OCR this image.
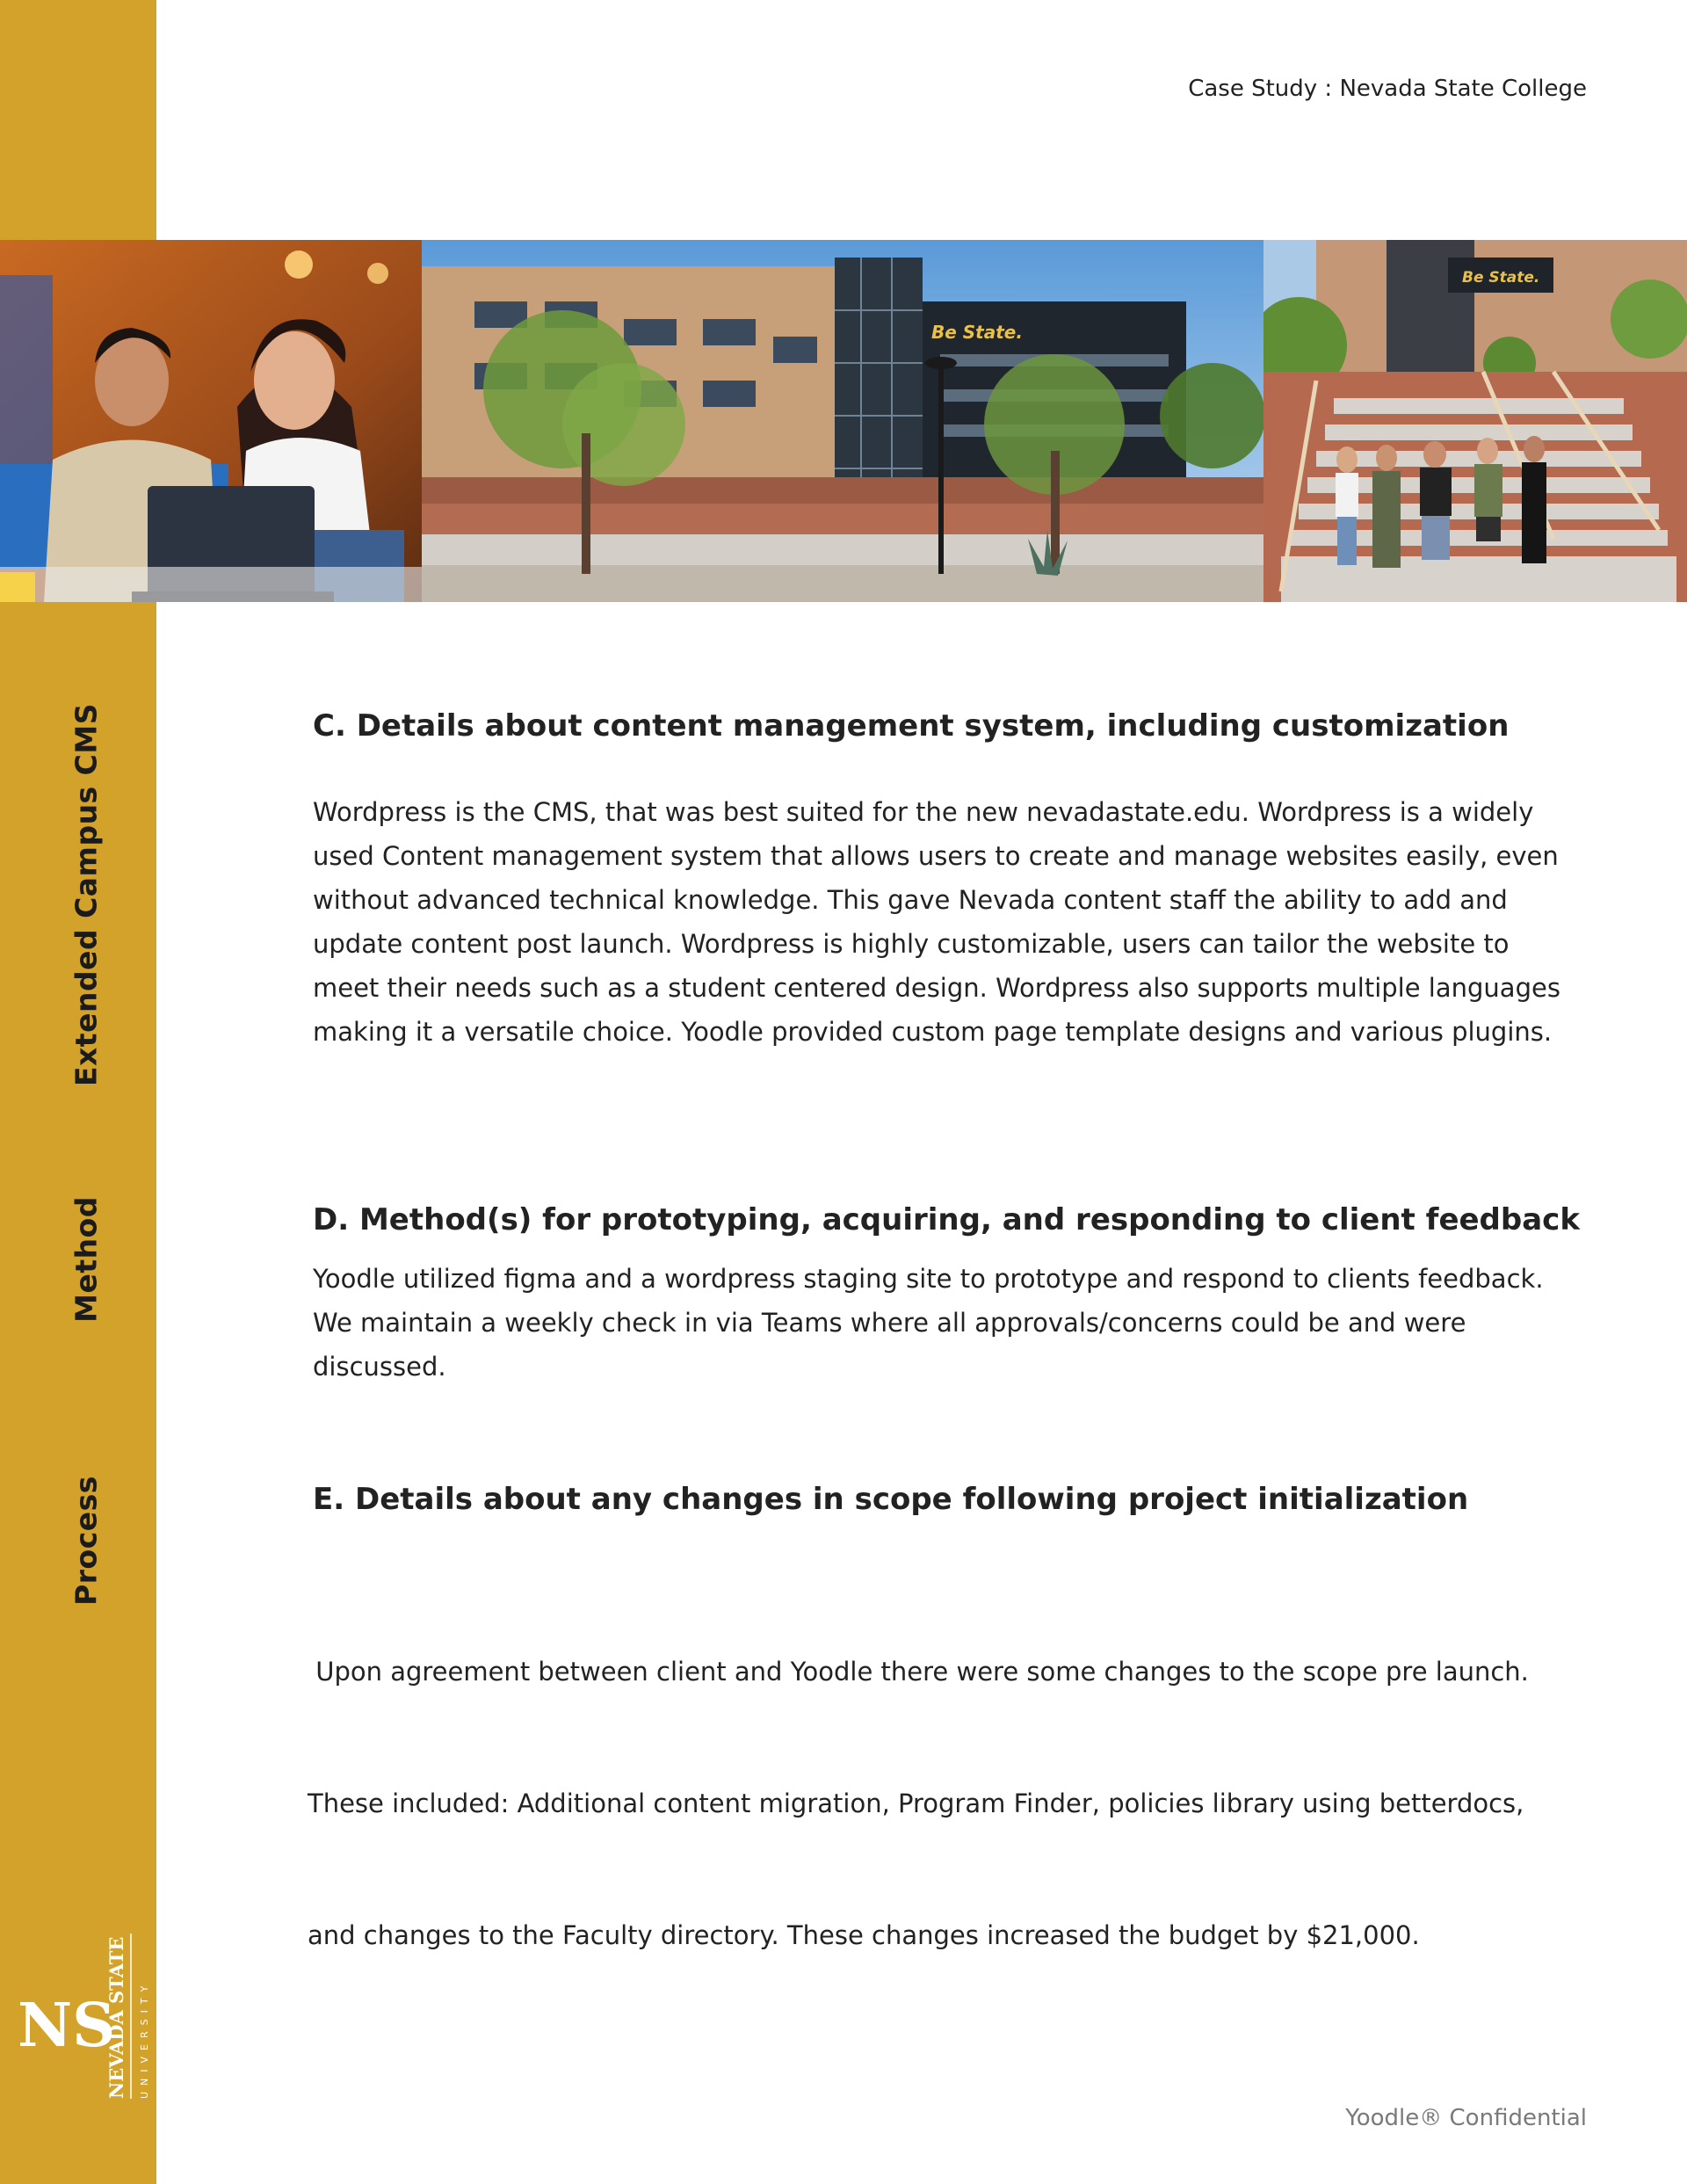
Extended Campus CMS
Method
Process
NS
NEVADA STATE UNIVERSITY
Case Study : Nevada State College
Be State.
Be State.
C. Details about content management system, including customization
Wordpress is the CMS, that was best suited for the new nevadastate.edu. Wordpress is a widely
used Content management system that allows users to create and manage websites easily, even
without advanced technical knowledge. This gave Nevada content staff the ability to add and
update content post launch. Wordpress is highly customizable, users can tailor the website to
meet their needs such as a student centered design. Wordpress also supports multiple languages
making it a versatile choice. Yoodle provided custom page template designs and various plugins.
D. Method(s) for prototyping, acquiring, and responding to client feedback
Yoodle utilized figma and a wordpress staging site to prototype and respond to clients feedback.
We maintain a weekly check in via Teams where all approvals/concerns could be and were
discussed.
E. Details about any changes in scope following project initialization

Upon agreement between client and Yoodle there were some changes to the scope pre launch.

These included: Additional content migration, Program Finder, policies library using betterdocs,

and changes to the Faculty directory. These changes increased the budget by $21,000.

Yoodle® Confidential
